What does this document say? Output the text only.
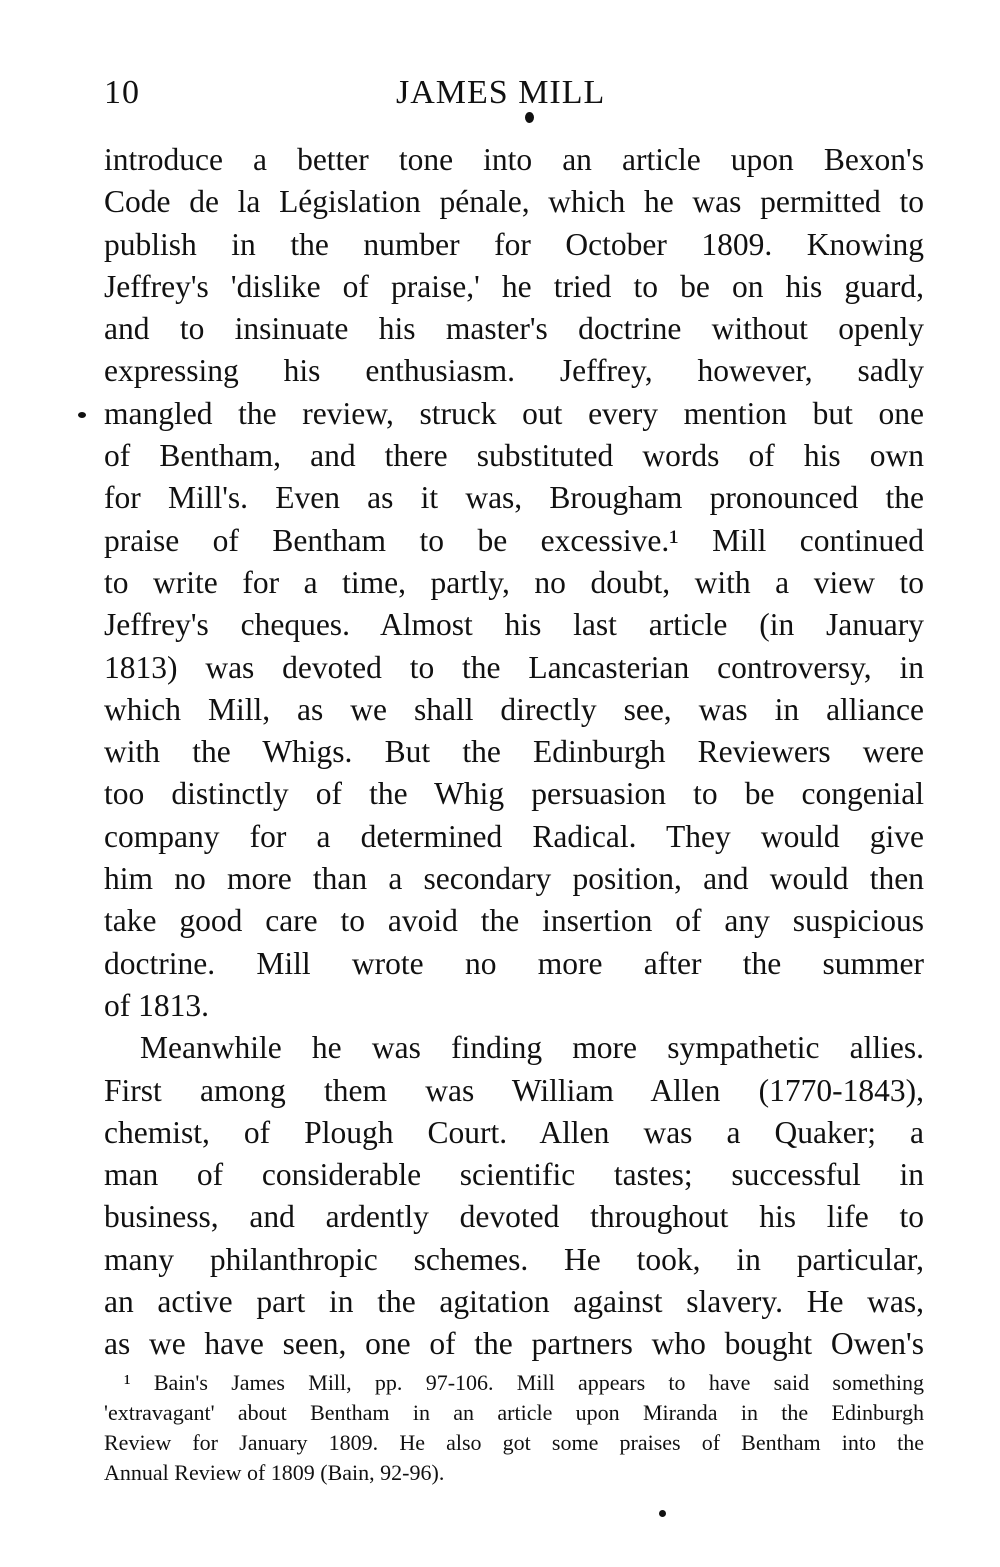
10	JAMES MILL
introduce a better tone into an article upon Bexon's
Code de la Législation pénale, which he was permitted to
publish in the number for October 1809. Knowing
Jeffrey's 'dislike of praise,' he tried to be on his guard,
and to insinuate his master's doctrine without openly
expressing his enthusiasm. Jeffrey, however, sadly
mangled the review, struck out every mention but one
of Bentham, and there substituted words of his own
for Mill's. Even as it was, Brougham pronounced the
praise of Bentham to be excessive.¹ Mill continued
to write for a time, partly, no doubt, with a view to
Jeffrey's cheques. Almost his last article (in January
1813) was devoted to the Lancasterian controversy, in
which Mill, as we shall directly see, was in alliance
with the Whigs. But the Edinburgh Reviewers were
too distinctly of the Whig persuasion to be congenial
company for a determined Radical. They would give
him no more than a secondary position, and would then
take good care to avoid the insertion of any suspicious
doctrine. Mill wrote no more after the summer
of 1813.
Meanwhile he was finding more sympathetic allies.
First among them was William Allen (1770-1843),
chemist, of Plough Court. Allen was a Quaker; a
man of considerable scientific tastes; successful in
business, and ardently devoted throughout his life to
many philanthropic schemes. He took, in particular,
an active part in the agitation against slavery. He was,
as we have seen, one of the partners who bought Owen's
¹ Bain's James Mill, pp. 97-106. Mill appears to have said something
'extravagant' about Bentham in an article upon Miranda in the Edinburgh
Review for January 1809. He also got some praises of Bentham into the
Annual Review of 1809 (Bain, 92-96).
